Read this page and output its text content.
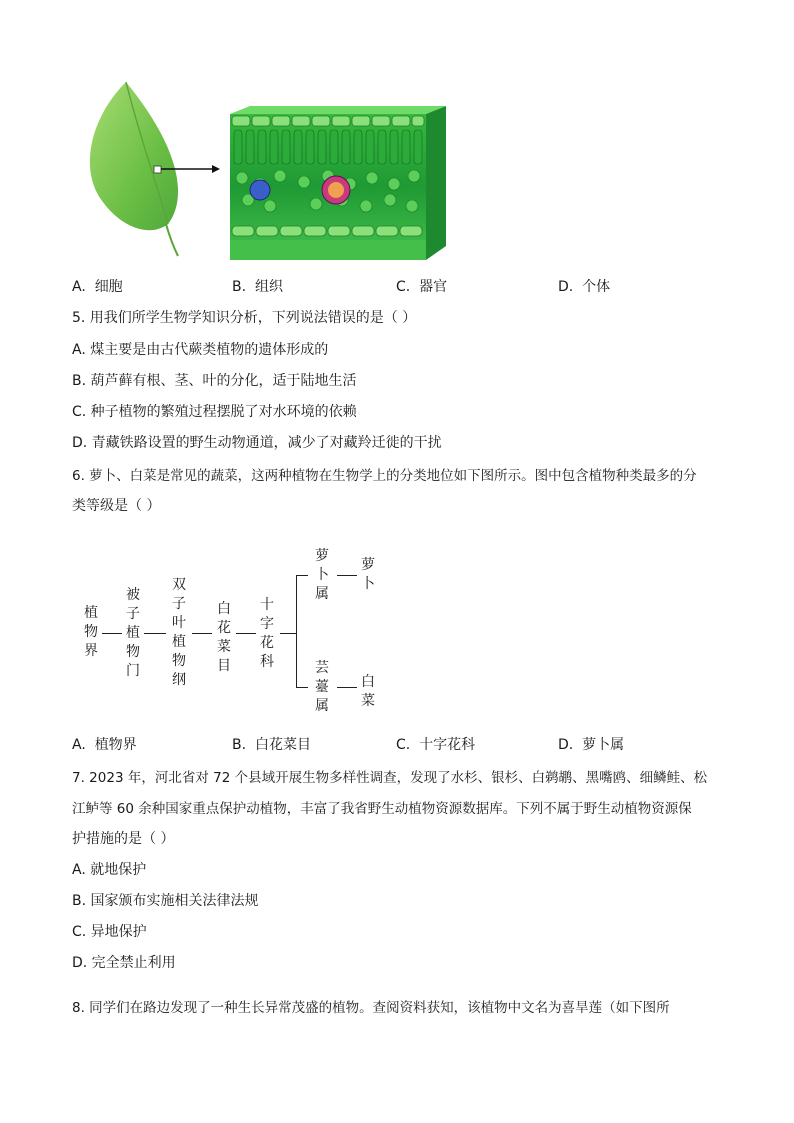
A. 细胞	B. 组织	C. 器官	D. 个体
5. 用我们所学生物学知识分析，下列说法错误的是（ ）
A. 煤主要是由古代蕨类植物的遗体形成的
B. 葫芦藓有根、茎、叶的分化，适于陆地生活
C. 种子植物的繁殖过程摆脱了对水环境的依赖
D. 青藏铁路设置的野生动物通道，减少了对藏羚迁徙的干扰
6. 萝卜、白菜是常见的蔬菜，这两种植物在生物学上的分类地位如下图所示。图中包含植物种类最多的分
类等级是（ ）
植物界
被子植物门
双子叶植物纲
白花菜目
十字花科
萝卜属
萝卜
芸薹属
白菜
A. 植物界	B. 白花菜目	C. 十字花科	D. 萝卜属
7. 2023 年，河北省对 72 个县域开展生物多样性调查，发现了水杉、银杉、白鹈鹕、黑嘴鸥、细鳞鲑、松
江鲈等 60 余种国家重点保护动植物，丰富了我省野生动植物资源数据库。下列不属于野生动植物资源保
护措施的是（ ）
A. 就地保护
B. 国家颁布实施相关法律法规
C. 异地保护
D. 完全禁止利用
8. 同学们在路边发现了一种生长异常茂盛的植物。查阅资料获知，该植物中文名为喜旱莲（如下图所
